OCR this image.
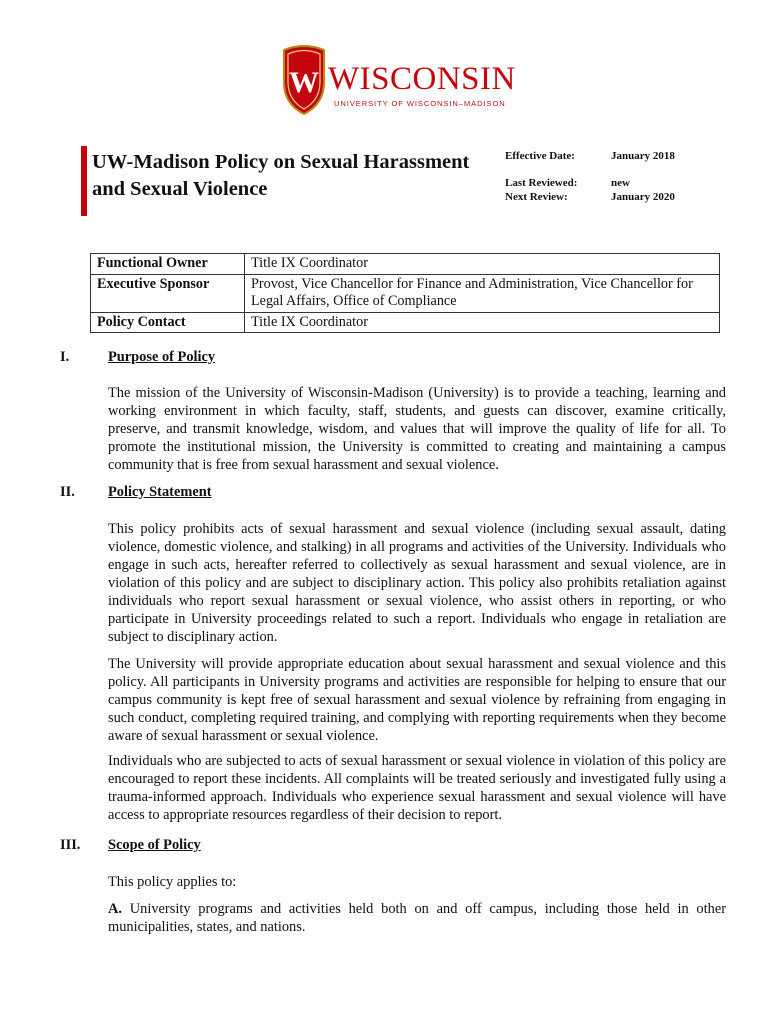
W WISCONSIN
UNIVERSITY OF WISCONSIN–MADISON
UW-Madison Policy on Sexual Harassment and Sexual Violence
Effective Date:	January 2018
Last Reviewed:	new
Next Review:	January 2020
Functional Owner	Title IX Coordinator
Executive Sponsor	Provost, Vice Chancellor for Finance and Administration, Vice Chancellor for Legal Affairs, Office of Compliance
Policy Contact	Title IX Coordinator
I.	Purpose of Policy
The mission of the University of Wisconsin-Madison (University) is to provide a teaching, learning and working environment in which faculty, staff, students, and guests can discover, examine critically, preserve, and transmit knowledge, wisdom, and values that will improve the quality of life for all. To promote the institutional mission, the University is committed to creating and maintaining a campus community that is free from sexual harassment and sexual violence.
II. Policy Statement
This policy prohibits acts of sexual harassment and sexual violence (including sexual assault, dating violence, domestic violence, and stalking) in all programs and activities of the University. Individuals who engage in such acts, hereafter referred to collectively as sexual harassment and sexual violence, are in violation of this policy and are subject to disciplinary action. This policy also prohibits retaliation against individuals who report sexual harassment or sexual violence, who assist others in reporting, or who participate in University proceedings related to such a report. Individuals who engage in retaliation are subject to disciplinary action.
The University will provide appropriate education about sexual harassment and sexual violence and this policy. All participants in University programs and activities are responsible for helping to ensure that our campus community is kept free of sexual harassment and sexual violence by refraining from engaging in such conduct, completing required training, and complying with reporting requirements when they become aware of sexual harassment or sexual violence.
Individuals who are subjected to acts of sexual harassment or sexual violence in violation of this policy are encouraged to report these incidents. All complaints will be treated seriously and investigated fully using a trauma-informed approach. Individuals who experience sexual harassment and sexual violence will have access to appropriate resources regardless of their decision to report.
III. Scope of Policy
This policy applies to:
A. University programs and activities held both on and off campus, including those held in other municipalities, states, and nations.
